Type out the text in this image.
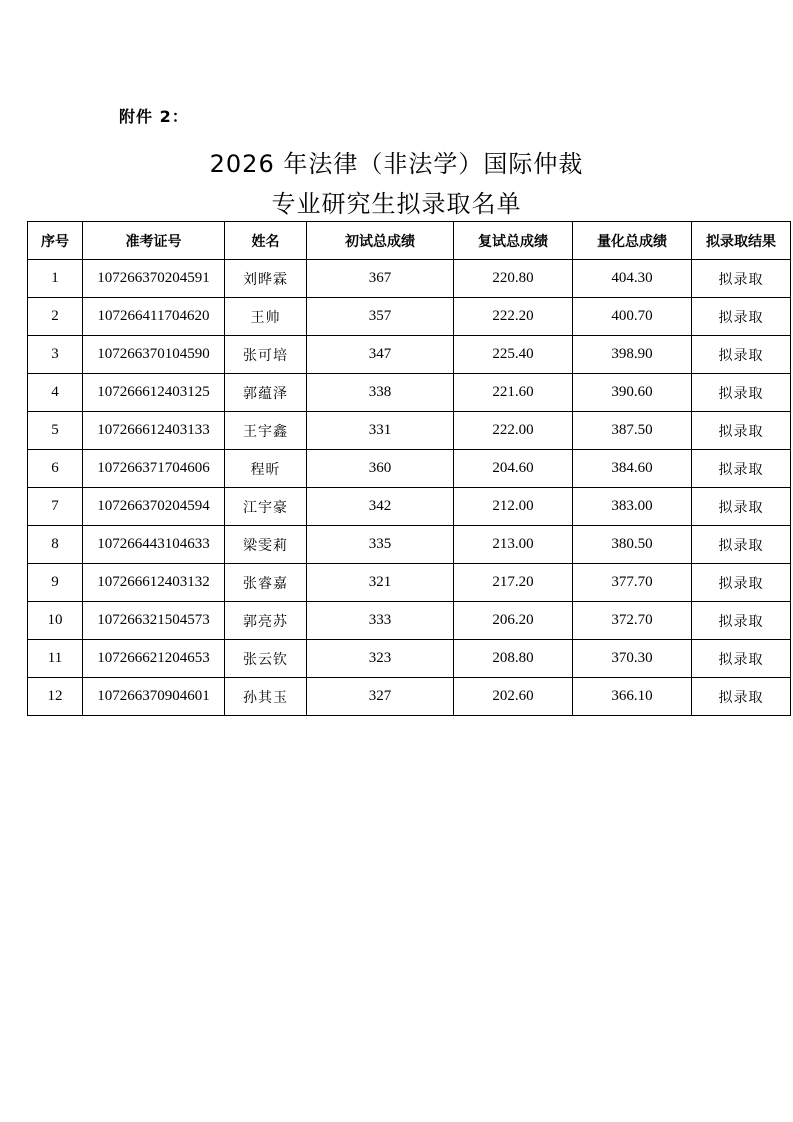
附件 2：
2026 年法律（非法学）国际仲裁
专业研究生拟录取名单
序号	准考证号	姓名	初试总成绩	复试总成绩	量化总成绩	拟录取结果
1	107266370204591	刘晔霖	367	220.80	404.30	拟录取
2	107266411704620	王帅	357	222.20	400.70	拟录取
3	107266370104590	张可培	347	225.40	398.90	拟录取
4	107266612403125	郭蕴泽	338	221.60	390.60	拟录取
5	107266612403133	王宇鑫	331	222.00	387.50	拟录取
6	107266371704606	程昕	360	204.60	384.60	拟录取
7	107266370204594	江宇豪	342	212.00	383.00	拟录取
8	107266443104633	梁雯莉	335	213.00	380.50	拟录取
9	107266612403132	张睿嘉	321	217.20	377.70	拟录取
10	107266321504573	郭亮苏	333	206.20	372.70	拟录取
11	107266621204653	张云钦	323	208.80	370.30	拟录取
12	107266370904601	孙其玉	327	202.60	366.10	拟录取
